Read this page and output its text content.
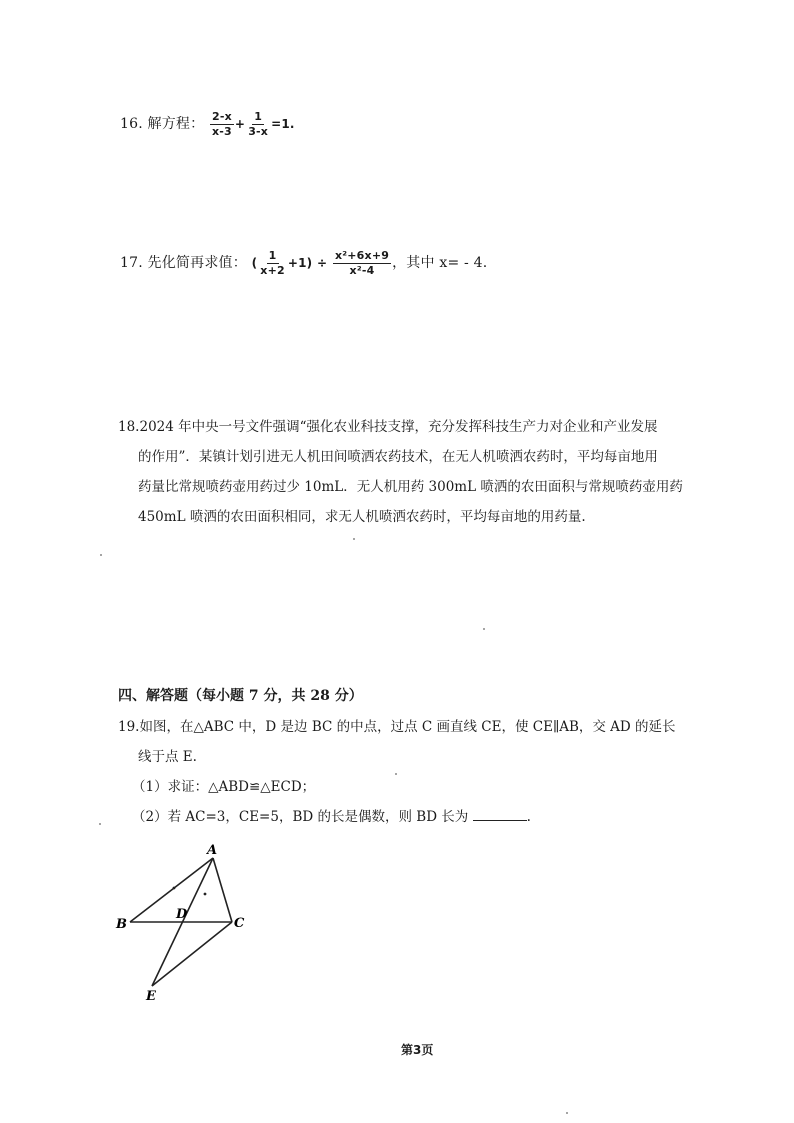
16. 解方程： $\frac{2-x}{x-3} + \frac{1}{3-x} =1$.
17. 先化简再求值： ( $\frac{1}{x+2} +1) \div \frac{\text{x²+6x+9}}{\text{x²-4}}$ ，其中 x= - 4.
18.2024 年中央一号文件强调“强化农业科技支撑，充分发挥科技生产力对企业和产业发展
的作用”．某镇计划引进无人机田间喷洒农药技术，在无人机喷洒农药时，平均每亩地用
药量比常规喷药壶用药过少 10mL．无人机用药 300mL 喷洒的农田面积与常规喷药壶用药
450mL 喷洒的农田面积相同，求无人机喷洒农药时，平均每亩地的用药量.
四、解答题（每小题 7 分，共 28 分）
19.如图，在△ABC 中，D 是边 BC 的中点，过点 C 画直线 CE，使 CE∥AB，交 AD 的延长
线于点 E.
（1）求证：△ABD≌△ECD；
（2）若 AC=3，CE=5，BD 的长是偶数，则 BD 长为	.
A
B	C
D
E
第3页
